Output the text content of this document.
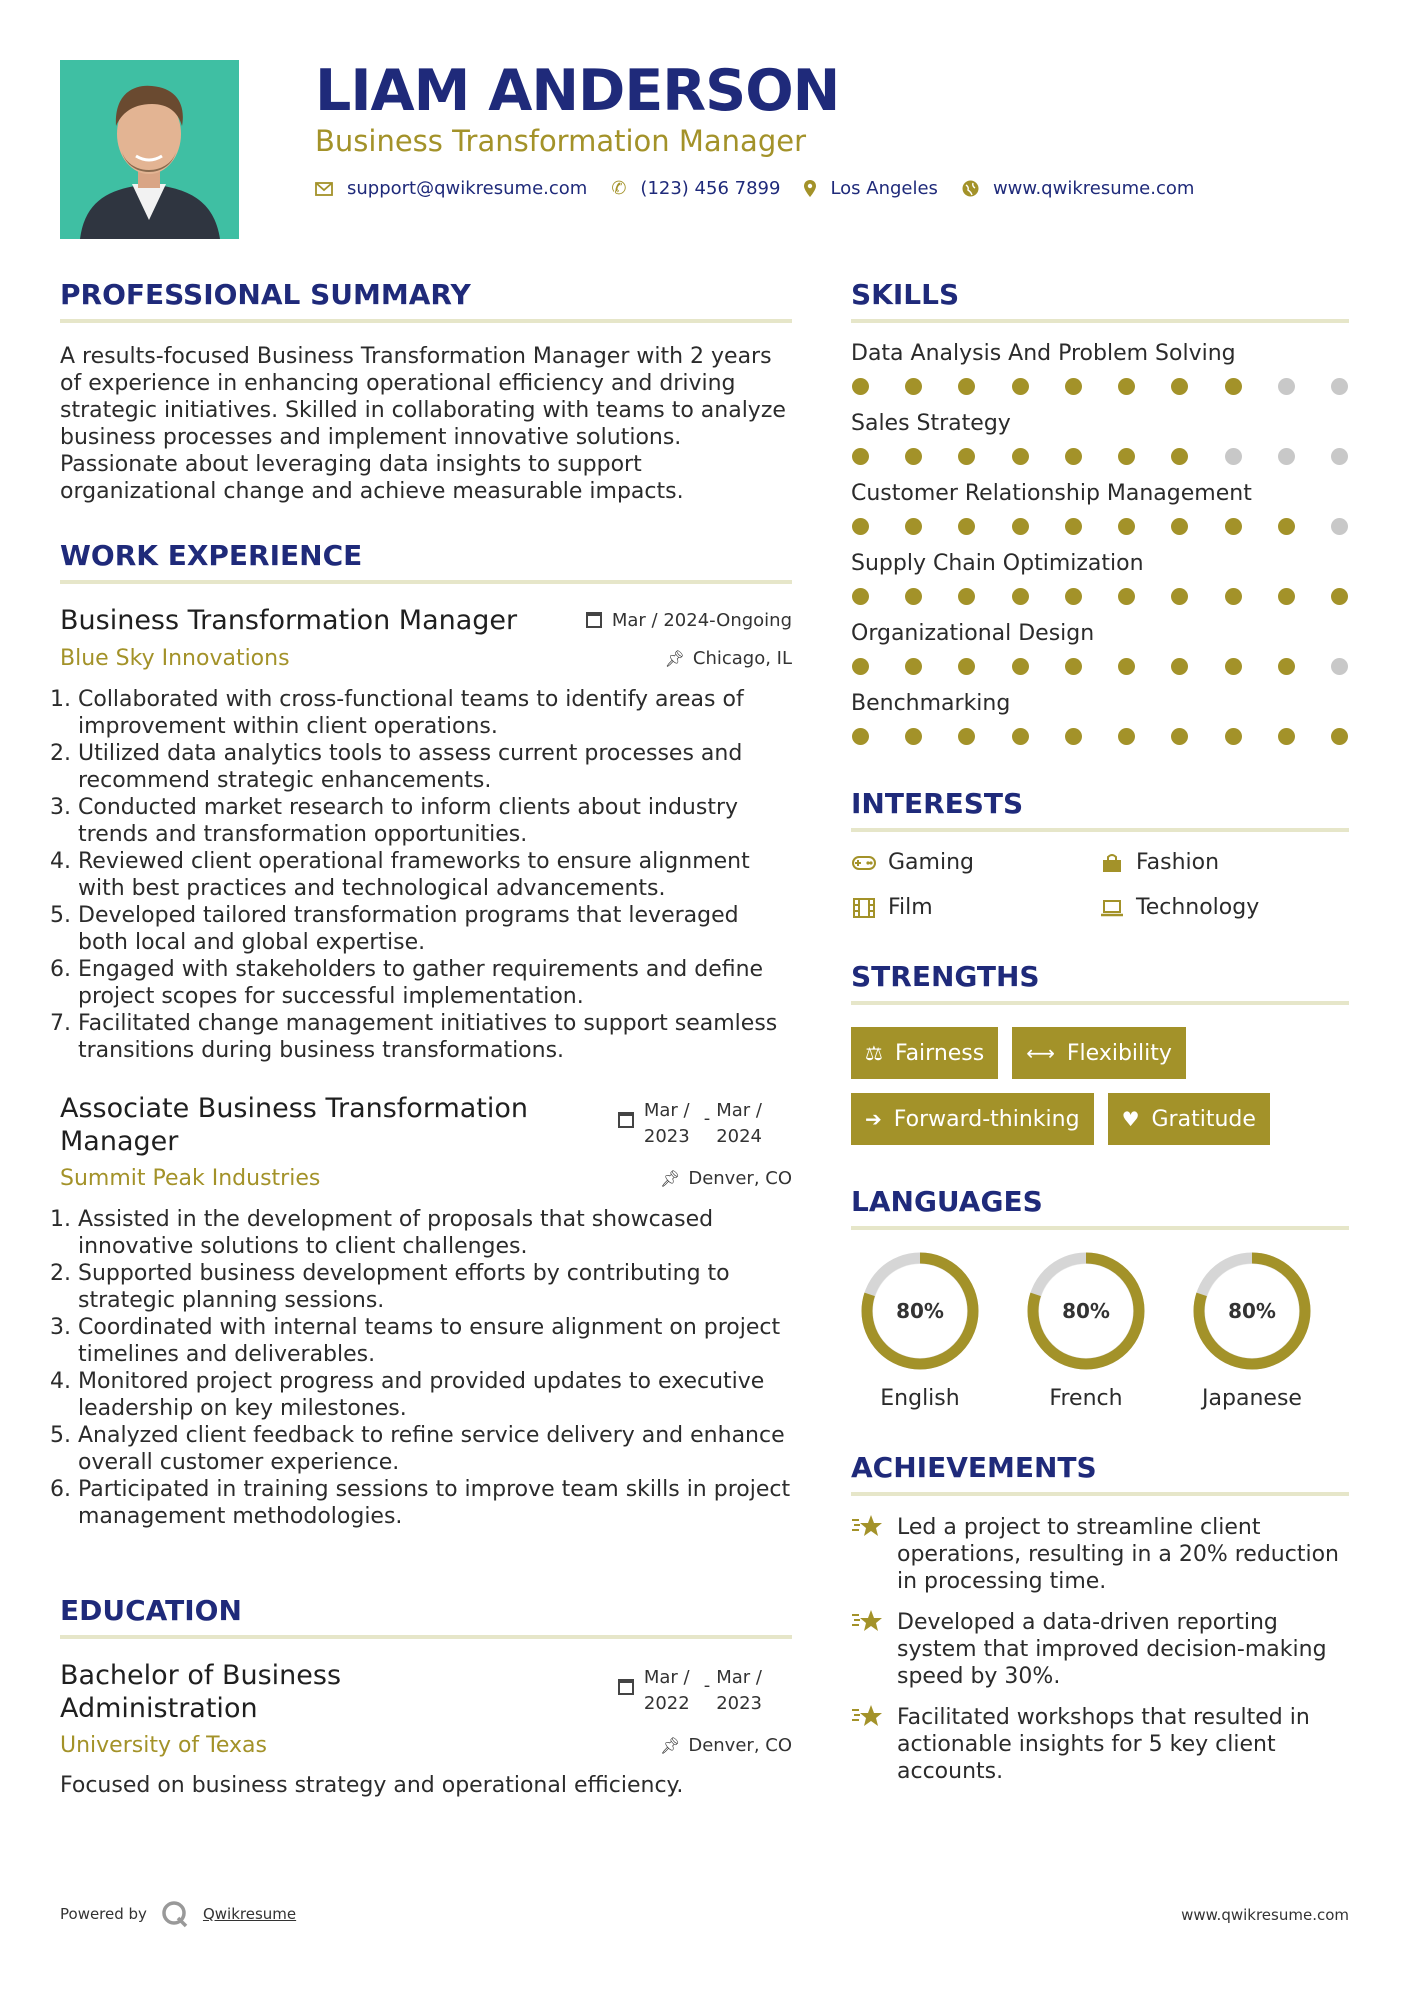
LIAM ANDERSON
Business Transformation Manager
support@qwikresume.com ✆ (123) 456 7899	Los Angeles	www.qwikresume.com
PROFESSIONAL SUMMARY

A results-focused Business Transformation Manager with 2 years of experience in enhancing operational efficiency and driving strategic initiatives. Skilled in collaborating with teams to analyze business processes and implement innovative solutions. Passionate about leveraging data insights to support organizational change and achieve measurable impacts.

WORK EXPERIENCE
Business Transformation Manager	Mar / 2024-Ongoing
Blue Sky Innovations	📌︎ Chicago, IL
1. Collaborated with cross-functional teams to identify areas of improvement within client operations.
2. Utilized data analytics tools to assess current processes and recommend strategic enhancements.
3. Conducted market research to inform clients about industry trends and transformation opportunities.
4. Reviewed client operational frameworks to ensure alignment with best practices and technological advancements.
5. Developed tailored transformation programs that leveraged both local and global expertise.
6. Engaged with stakeholders to gather requirements and define project scopes for successful implementation.
7. Facilitated change management initiatives to support seamless transitions during business transformations.
Associate Business Transformation Manager
Mar /
2023
- Mar /
2024
Summit Peak Industries	📌︎ Denver, CO
1. Assisted in the development of proposals that showcased innovative solutions to client challenges.
2. Supported business development efforts by contributing to strategic planning sessions.
3. Coordinated with internal teams to ensure alignment on project timelines and deliverables.
4. Monitored project progress and provided updates to executive leadership on key milestones.
5. Analyzed client feedback to refine service delivery and enhance overall customer experience.
6. Participated in training sessions to improve team skills in project management methodologies.
EDUCATION
Bachelor of Business Administration
Mar /
2022
- Mar /
2023
University of Texas	📌︎ Denver, CO

Focused on business strategy and operational efficiency.

SKILLS
Data Analysis And Problem Solving
Sales Strategy
Customer Relationship Management
Supply Chain Optimization
Organizational Design
Benchmarking
INTERESTS
Gaming	Fashion
Film	Technology
STRENGTHS
⚖ Fairness ⟷ Flexibility
➔ Forward-thinking ♥ Gratitude
LANGUAGES
80%
English
80%
French
80%
Japanese
ACHIEVEMENTS
Led a project to streamline client operations, resulting in a 20% reduction in processing time.
Developed a data-driven reporting system that improved decision-making speed by 30%.
Facilitated workshops that resulted in actionable insights for 5 key client accounts.
Powered by	Qwikresume	www.qwikresume.com
